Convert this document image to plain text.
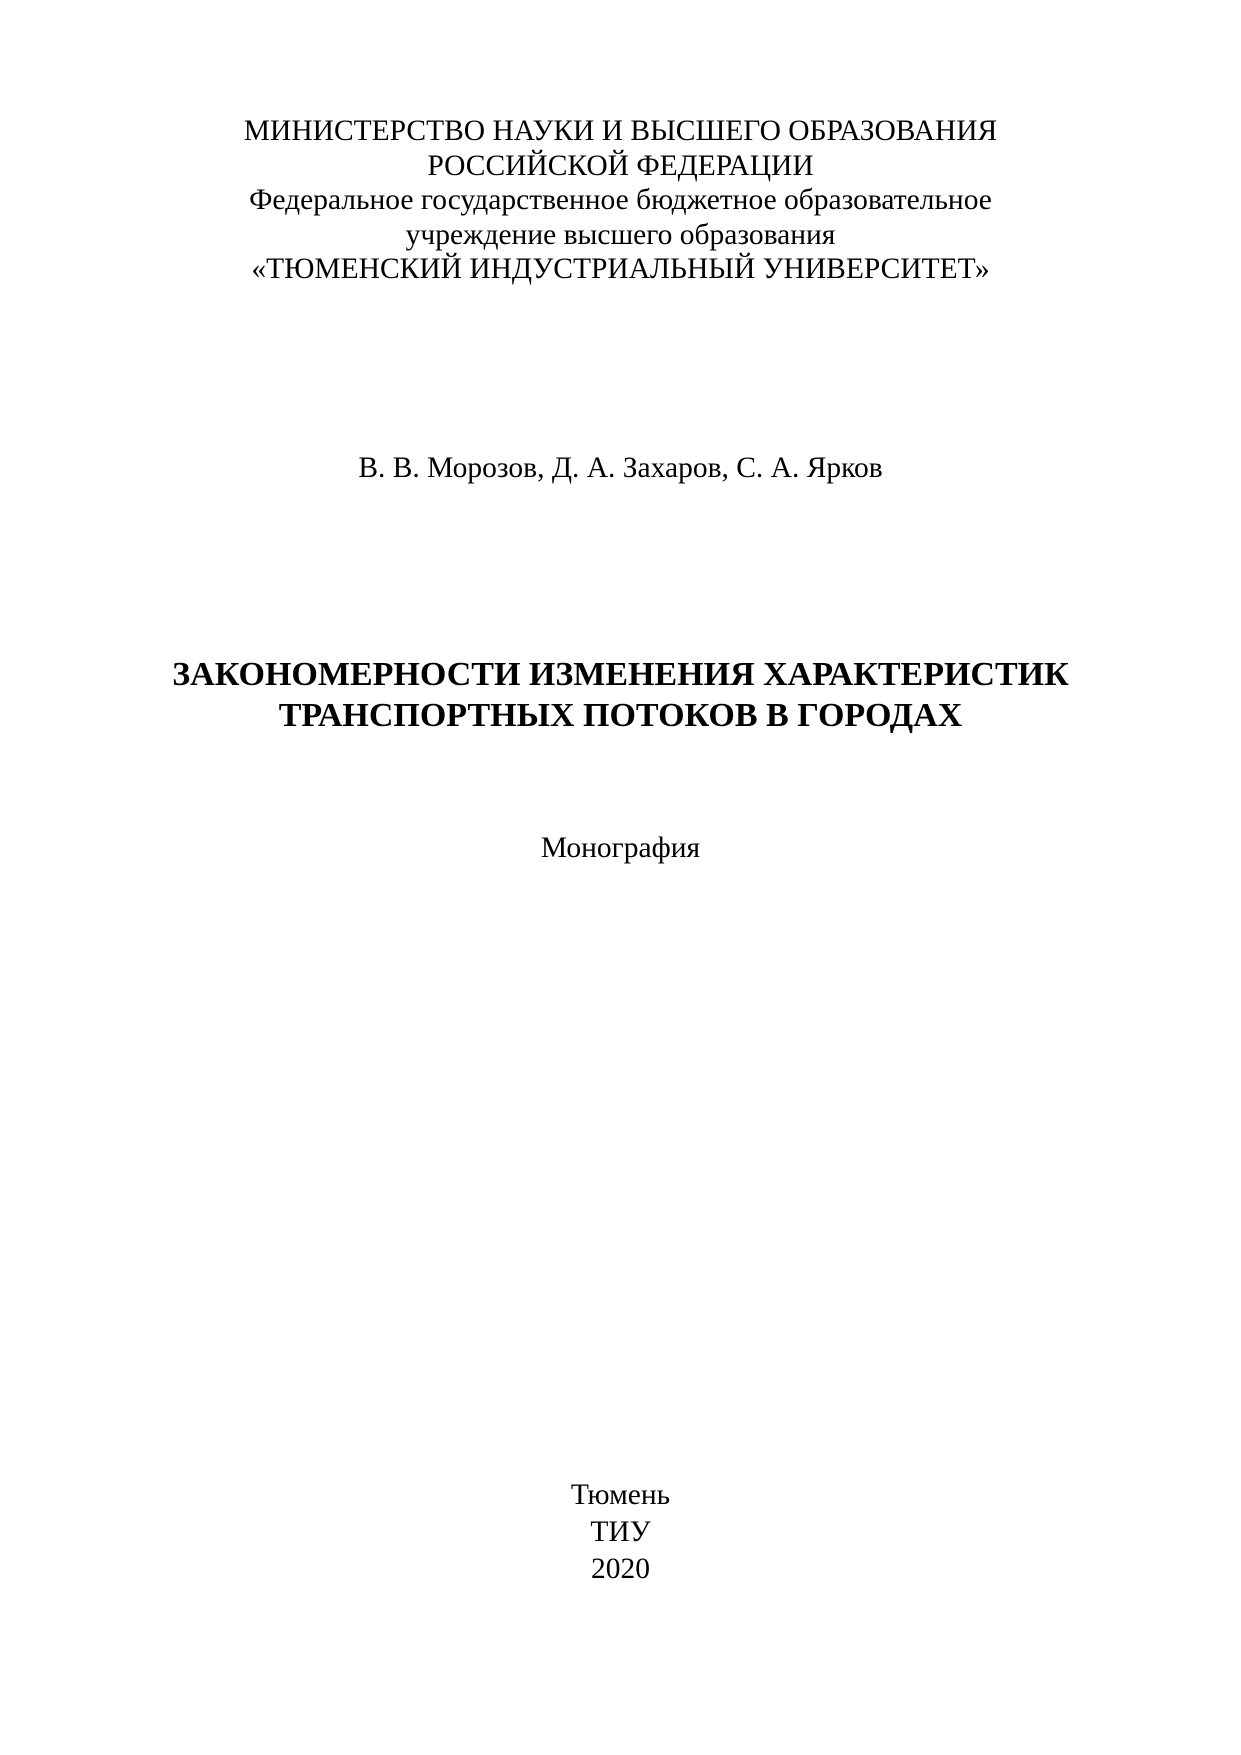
МИНИСТЕРСТВО НАУКИ И ВЫСШЕГО ОБРАЗОВАНИЯ
РОССИЙСКОЙ ФЕДЕРАЦИИ
Федеральное государственное бюджетное образовательное
учреждение высшего образования
«ТЮМЕНСКИЙ ИНДУСТРИАЛЬНЫЙ УНИВЕРСИТЕТ»
В. В. Морозов, Д. А. Захаров, С. А. Ярков
ЗАКОНОМЕРНОСТИ ИЗМЕНЕНИЯ ХАРАКТЕРИСТИК
ТРАНСПОРТНЫХ ПОТОКОВ В ГОРОДАХ
Монография
Тюмень
ТИУ
2020
